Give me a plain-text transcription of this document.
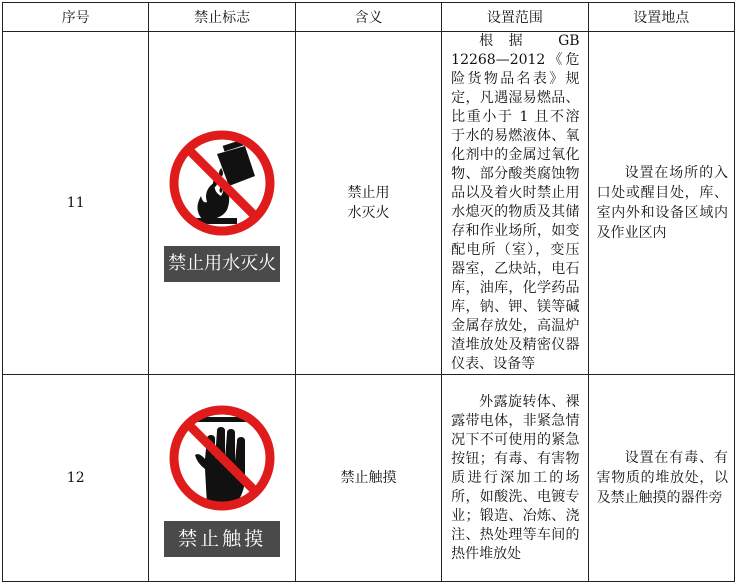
序号	禁止标志	含义	设置范围	设置地点
11	禁止用水灭火	禁止用水灭火	根据 GB 12268—2012《危险货物品名表》规定，凡遇湿易燃品、比重小于 1 且不溶于水的易燃液体、氧化剂中的金属过氧化物、部分酸类腐蚀物品以及着火时禁止用水熄灭的物质及其储存和作业场所，如变配电所（室），变压器室，乙炔站，电石库，油库，化学药品库，钠、钾、镁等碱金属存放处，高温炉渣堆放处及精密仪器仪表、设备等	设置在场所的入口处或醒目处，库、室内外和设备区域内及作业区内

12	禁止触摸	禁止触摸	外露旋转体、裸露带电体，非紧急情况下不可使用的紧急按钮；有毒、有害物质进行深加工的场所，如酸洗、电镀专业；锻造、冶炼、浇注、热处理等车间的热件堆放处	设置在有毒、有害物质的堆放处，以及禁止触摸的器件旁
